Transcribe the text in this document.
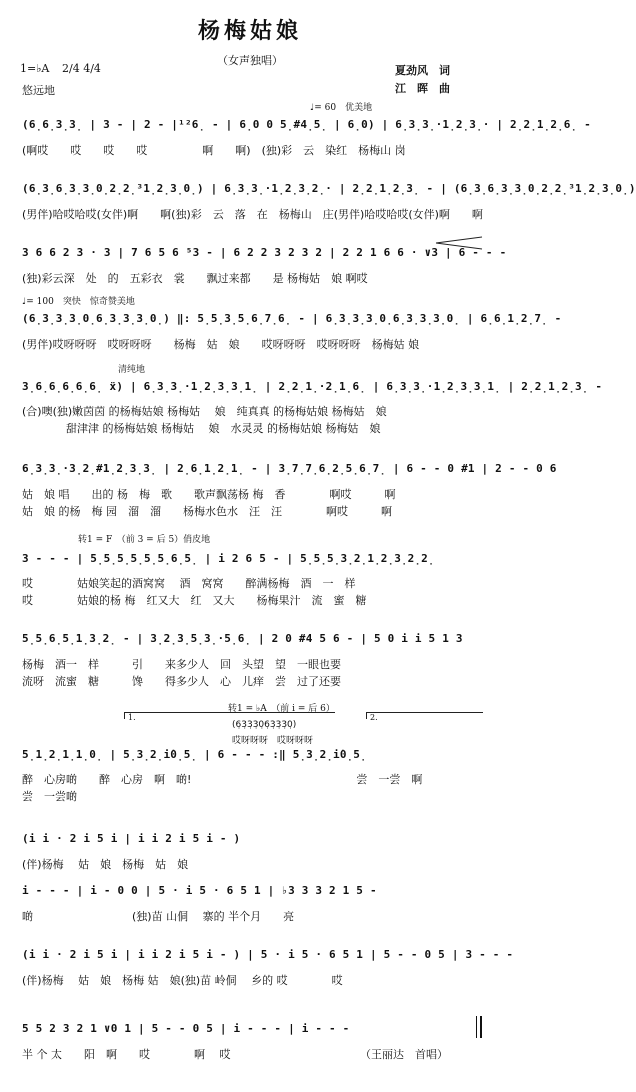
杨梅姑娘
（女声独唱）
1=♭A 2/4 4/4
悠远地
夏劲风　词
江　晖　曲
♩= 60　优美地
(6̣6̣3̣3̣ | 3 - | 2 - |¹²6̣ - | 6̣0 0 5̣#4̣5̣ | 6̣0) | 6̣3̣3̣·1̣2̣3̣· | 2̣2̣1̣2̣6̣ -
(啊哎　　哎　　哎　　哎　　　　　啊　　啊)　(独)彩　云　染红　杨梅山 岗
(6̣3̣6̣3̣3̣0̣2̣2̣³1̣2̣3̣0̣) | 6̣3̣3̣·1̣2̣3̣2̣· | 2̣2̣1̣2̣3̣ - | (6̣3̣6̣3̣3̣0̣2̣2̣³1̣2̣3̣0̣)
(男伴)哈哎哈哎(女伴)啊　　啊(独)彩　云　落　在　杨梅山　庄(男伴)哈哎哈哎(女伴)啊　　啊
3 6 6 2 3 · 3 | 7 6 5 6 ⁵3 - | 6 2 2 3 2 3 2 | 2 2 1 6 6 · ∨3 | 6 - - -
(独)彩云深　处　的　五彩衣　裳　　飘过来都　　是 杨梅姑　娘 啊哎
♩= 100　突快　惊奇赞美地
(6̣3̣3̣3̣0̣6̣3̣3̣3̣0̣) ‖: 5̣5̣3̣5̣6̣7̣6̣ - | 6̣3̣3̣3̣0̣6̣3̣3̣3̣0̣ | 6̣6̣1̣2̣7̣ -
(男伴)哎呀呀呀　哎呀呀呀　　杨梅　姑　娘　　哎呀呀呀　哎呀呀呀　杨梅姑 娘
清纯地
3̣6̣6̣6̣6̣6̣ ẍ) | 6̣3̣3̣·1̣2̣3̣3̣1̣ | 2̣2̣1̣·2̣1̣6̣ | 6̣3̣3̣·1̣2̣3̣3̣1̣ | 2̣2̣1̣2̣3̣ -
(合)噢(独)嫩茵茵 的杨梅姑娘 杨梅姑　 娘　纯真真 的杨梅姑娘 杨梅姑　娘
　　　　甜津津 的杨梅姑娘 杨梅姑　 娘　水灵灵 的杨梅姑娘 杨梅姑　娘
6̣3̣3̣·3̣2̣#1̣2̣3̣3̣ | 2̣6̣1̣2̣1̣ - | 3̣7̣7̣6̣2̣5̣6̣7̣ | 6 - - 0 #1 | 2 - - 0 6
姑　娘 唱　　出的 杨　梅　歌　　歌声飘荡杨 梅　香　　　　啊哎　　　啊
姑　娘 的杨　梅 园　溜　溜　　杨梅水色水　汪　汪　　　　啊哎　　　啊
转1 = F　（前 3 = 后 5）俏皮地
3 - - - | 5̣5̣5̣5̣5̣5̣6̣5̣ | i 2 6 5 - | 5̣5̣5̣3̣2̣1̣2̣3̣2̣2̣
哎　　　　姑娘笑起的酒窝窝　 酒　窝窝　　醉满杨梅　酒　一　样
哎　　　　姑娘的杨 梅　红又大　红　又大　　杨梅果汁　流　蜜　糖
5̣5̣6̣5̣1̣3̣2̣ - | 3̣2̣3̣5̣3̣·5̣6̣ | 2 0 #4 5 6 - | 5 0 i i 5 1 3
杨梅　酒一　样　　　引　　来多少人　回　头望　望　一眼也要
流呀　流蜜　糖　　　馋　　得多少人　心　儿痒　尝　过了还要
1.	2.
转1 = ♭A　（前 i = 后 6）
(6̣3̣3̣3̣0̣6̣3̣3̣3̣0̣)
哎呀呀呀　哎呀呀呀
5̣1̣2̣1̣1̣0̣ | 5̣3̣2̣i̇0̣5̣ | 6 - - - :‖ 5̣3̣2̣i̇0̣5̣
醉　心房啲　　醉　心房　啊　啲!　　　　　　　　　　　　　　　尝　一尝　啊
尝　一尝啲
(i i · 2 i 5 i | i i 2 i 5 i - )
(伴)杨梅　 姑　娘　杨梅　姑　娘
i - - - | i - 0 0 | 5 · i 5 · 6 5 1 | ♭3 3 3 2 1 5 -
啲　　　　　　　　　(独)苗 山侗　 寨的 半个月　　亮
(i i · 2 i 5 i | i i 2 i 5 i - ) | 5 · i 5 · 6 5 1 | 5 - - 0 5 | 3 - - -
(伴)杨梅　 姑　娘　杨梅 姑　娘(独)苗 岭侗　 乡的 哎　　　　哎
5 5 2 3 2 1 ∨0 1 | 5 - - 0 5 | i - - - | i - - -
半 个 太　　阳　啊　　哎　　　　啊　 哎	（王丽达　首唱）
